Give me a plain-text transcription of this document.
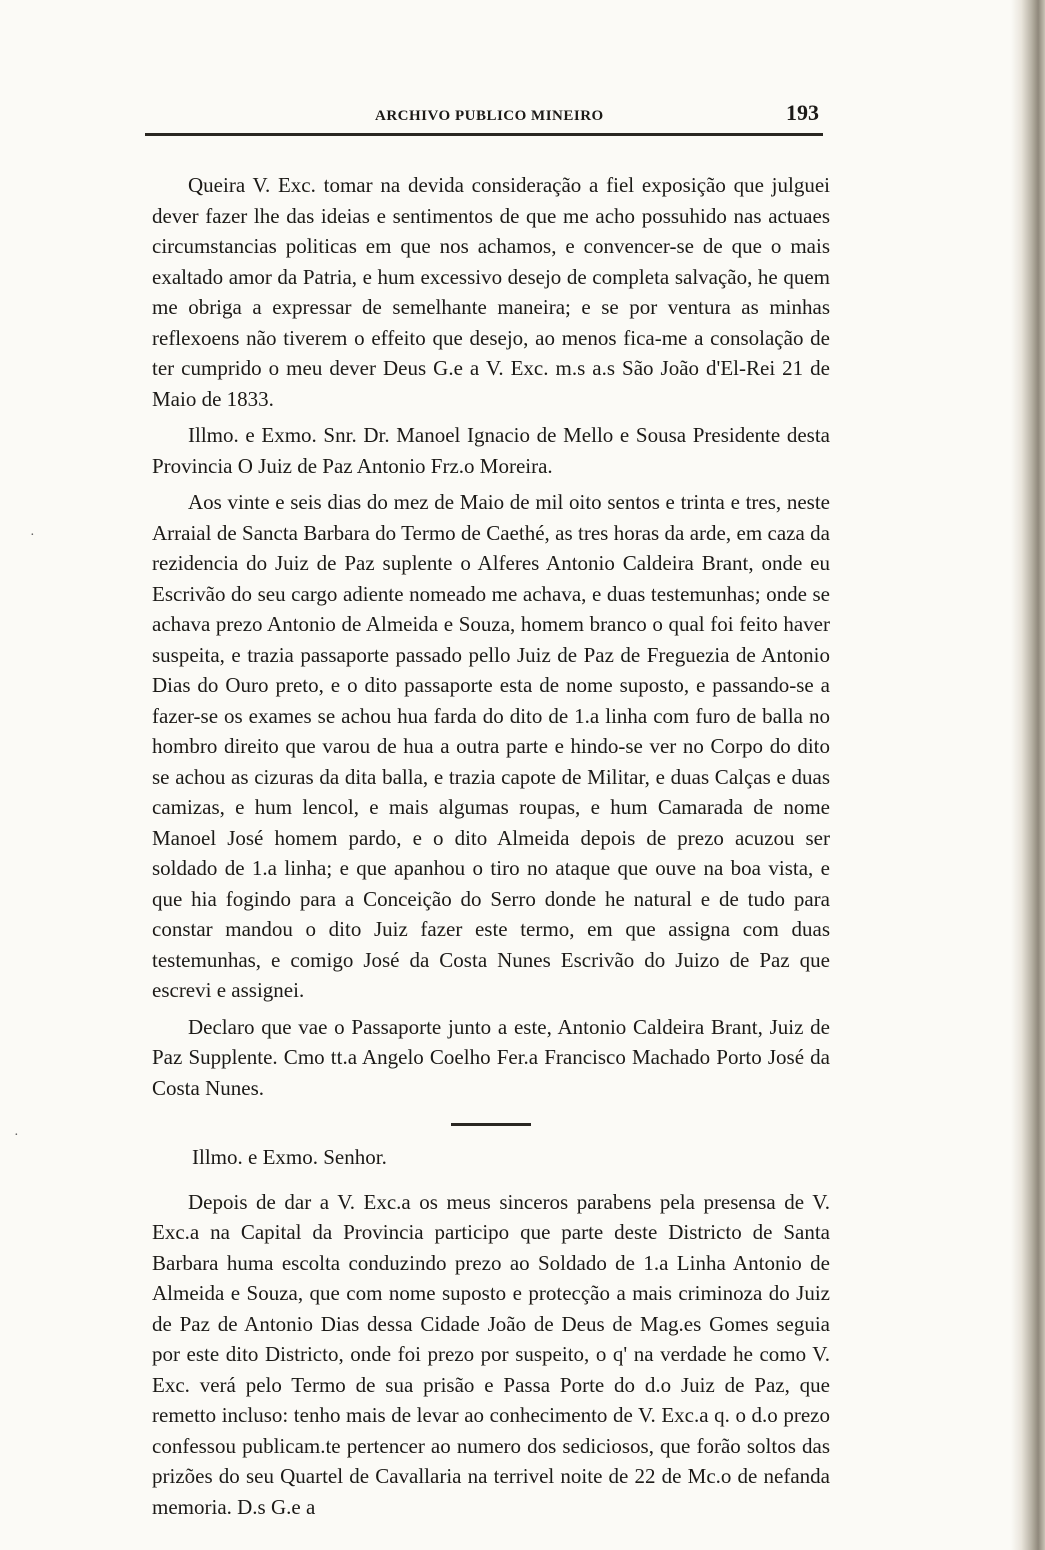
·
·
ARCHIVO PUBLICO MINEIRO	193

Queira V. Exc. tomar na devida consideração a fiel exposição que julguei dever fazer lhe das ideias e sentimentos de que me acho possuhido nas actuaes circumstancias politicas em que nos achamos, e convencer-se de que o mais exaltado amor da Patria, e hum excessivo desejo de completa salvação, he quem me obriga a expressar de semelhante maneira; e se por ventura as minhas reflexoens não tiverem o effeito que desejo, ao menos fica-me a consolação de ter cumprido o meu dever Deus G.e a V. Exc. m.s a.s São João d'El-Rei 21 de Maio de 1833.

Illmo. e Exmo. Snr. Dr. Manoel Ignacio de Mello e Sousa Presidente desta Provincia O Juiz de Paz Antonio Frz.o Moreira.

Aos vinte e seis dias do mez de Maio de mil oito sentos e trinta e tres, neste Arraial de Sancta Barbara do Termo de Caethé, as tres horas da arde, em caza da rezidencia do Juiz de Paz suplente o Alferes Antonio Caldeira Brant, onde eu Escrivão do seu cargo adiente nomeado me achava, e duas testemunhas; onde se achava prezo Antonio de Almeida e Souza, homem branco o qual foi feito haver suspeita, e trazia passaporte passado pello Juiz de Paz de Freguezia de Antonio Dias do Ouro preto, e o dito passaporte esta de nome suposto, e passando-se a fazer-se os exames se achou hua farda do dito de 1.a linha com furo de balla no hombro direito que varou de hua a outra parte e hindo-se ver no Corpo do dito se achou as cizuras da dita balla, e trazia capote de Militar, e duas Calças e duas camizas, e hum lencol, e mais algumas roupas, e hum Camarada de nome Manoel José homem pardo, e o dito Almeida depois de prezo acuzou ser soldado de 1.a linha; e que apanhou o tiro no ataque que ouve na boa vista, e que hia fogindo para a Conceição do Serro donde he natural e de tudo para constar mandou o dito Juiz fazer este termo, em que assigna com duas testemunhas, e comigo José da Costa Nunes Escrivão do Juizo de Paz que escrevi e assignei.

Declaro que vae o Passaporte junto a este, Antonio Caldeira Brant, Juiz de Paz Supplente. Cmo tt.a Angelo Coelho Fer.a Francisco Machado Porto José da Costa Nunes.

Illmo. e Exmo. Senhor.

Depois de dar a V. Exc.a os meus sinceros parabens pela presensa de V. Exc.a na Capital da Provincia participo que parte deste Districto de Santa Barbara huma escolta conduzindo prezo ao Soldado de 1.a Linha Antonio de Almeida e Souza, que com nome suposto e protecção a mais criminoza do Juiz de Paz de Antonio Dias dessa Cidade João de Deus de Mag.es Gomes seguia por este dito Districto, onde foi prezo por suspeito, o q' na verdade he como V. Exc. verá pelo Termo de sua prisão e Passa Porte do d.o Juiz de Paz, que remetto incluso: tenho mais de levar ao conhecimento de V. Exc.a q. o d.o prezo confessou publicam.te pertencer ao numero dos sediciosos, que forão soltos das prizões do seu Quartel de Cavallaria na terrivel noite de 22 de Mc.o de nefanda memoria. D.s G.e a
